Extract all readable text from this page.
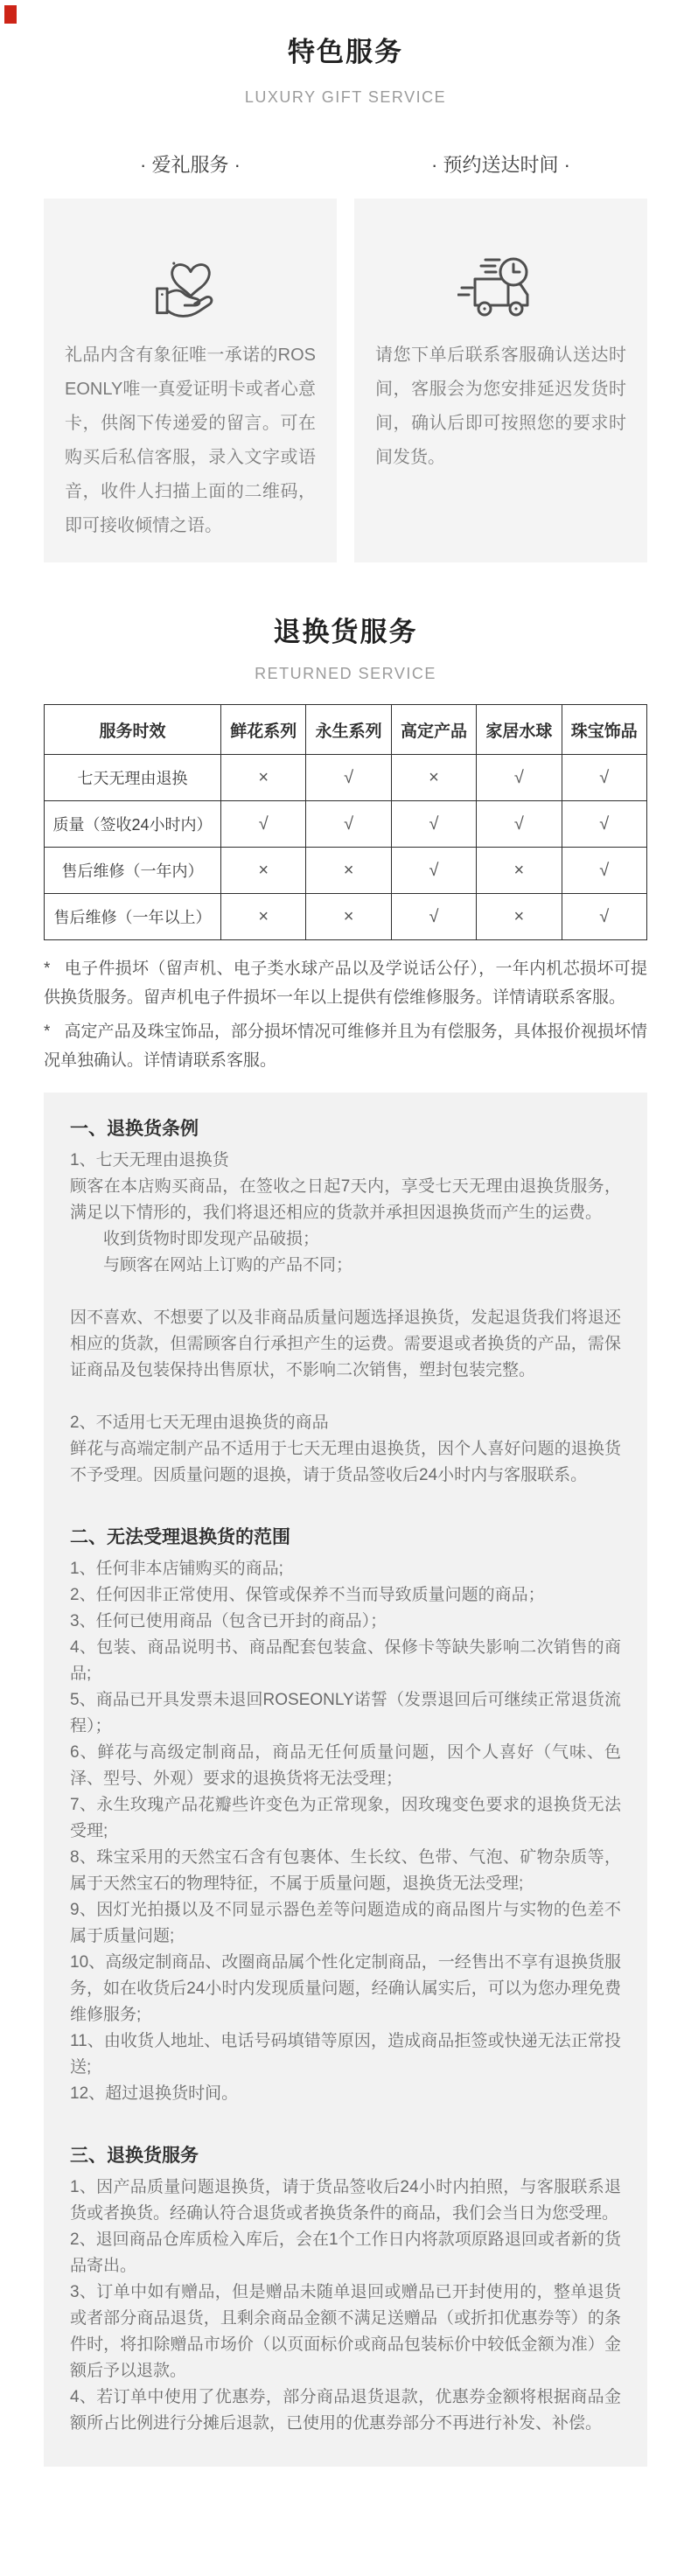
特色服务
LUXURY GIFT SERVICE
· 爱礼服务 ·
礼品内含有象征唯一承诺的ROSEONLY唯一真爱证明卡或者心意卡，供阁下传递爱的留言。可在购买后私信客服，录入文字或语音，收件人扫描上面的二维码，即可接收倾情之语。
· 预约送达时间 ·
请您下单后联系客服确认送达时间，客服会为您安排延迟发货时间，确认后即可按照您的要求时间发货。
退换货服务
RETURNED SERVICE
服务时效	鲜花系列	永生系列	高定产品	家居水球	珠宝饰品
七天无理由退换	×	√	×	√	√
质量（签收24小时内）	√	√	√	√	√
售后维修（一年内）	×	×	√	×	√
售后维修（一年以上）	×	×	√	×	√

* 电子件损坏（留声机、电子类水球产品以及学说话公仔），一年内机芯损坏可提供换货服务。留声机电子件损坏一年以上提供有偿维修服务。详情请联系客服。

* 高定产品及珠宝饰品，部分损坏情况可维修并且为有偿服务，具体报价视损坏情况单独确认。详情请联系客服。

一、退换货条例

1、七天无理由退换货

顾客在本店购买商品，在签收之日起7天内，享受七天无理由退换货服务，满足以下情形的，我们将退还相应的货款并承担因退换货而产生的运费。

收到货物时即发现产品破损；

与顾客在网站上订购的产品不同；

因不喜欢、不想要了以及非商品质量问题选择退换货，发起退货我们将退还相应的货款，但需顾客自行承担产生的运费。需要退或者换货的产品，需保证商品及包装保持出售原状，不影响二次销售，塑封包装完整。

2、不适用七天无理由退换货的商品

鲜花与高端定制产品不适用于七天无理由退换货，因个人喜好问题的退换货不予受理。因质量问题的退换，请于货品签收后24小时内与客服联系。

二、无法受理退换货的范围

1、任何非本店铺购买的商品;

2、任何因非正常使用、保管或保养不当而导致质量问题的商品；

3、任何已使用商品（包含已开封的商品）；

4、包装、商品说明书、商品配套包装盒、保修卡等缺失影响二次销售的商品;

5、商品已开具发票未退回ROSEONLY诺誓（发票退回后可继续正常退货流程）；

6、鲜花与高级定制商品，商品无任何质量问题，因个人喜好（气味、色泽、型号、外观）要求的退换货将无法受理；

7、永生玫瑰产品花瓣些许变色为正常现象，因玫瑰变色要求的退换货无法受理;

8、珠宝采用的天然宝石含有包裹体、生长纹、色带、气泡、矿物杂质等，属于天然宝石的物理特征，不属于质量问题，退换货无法受理;

9、因灯光拍摄以及不同显示器色差等问题造成的商品图片与实物的色差不属于质量问题;

10、高级定制商品、改圈商品属个性化定制商品，一经售出不享有退换货服务，如在收货后24小时内发现质量问题，经确认属实后，可以为您办理免费维修服务;

11、由收货人地址、电话号码填错等原因，造成商品拒签或快递无法正常投送;

12、超过退换货时间。

三、退换货服务

1、因产品质量问题退换货，请于货品签收后24小时内拍照，与客服联系退货或者换货。经确认符合退货或者换货条件的商品，我们会当日为您受理。

2、退回商品仓库质检入库后，会在1个工作日内将款项原路退回或者新的货品寄出。

3、订单中如有赠品，但是赠品未随单退回或赠品已开封使用的，整单退货或者部分商品退货，且剩余商品金额不满足送赠品（或折扣优惠券等）的条件时，将扣除赠品市场价（以页面标价或商品包装标价中较低金额为准）金额后予以退款。

4、若订单中使用了优惠券，部分商品退货退款，优惠券金额将根据商品金额所占比例进行分摊后退款，已使用的优惠券部分不再进行补发、补偿。
